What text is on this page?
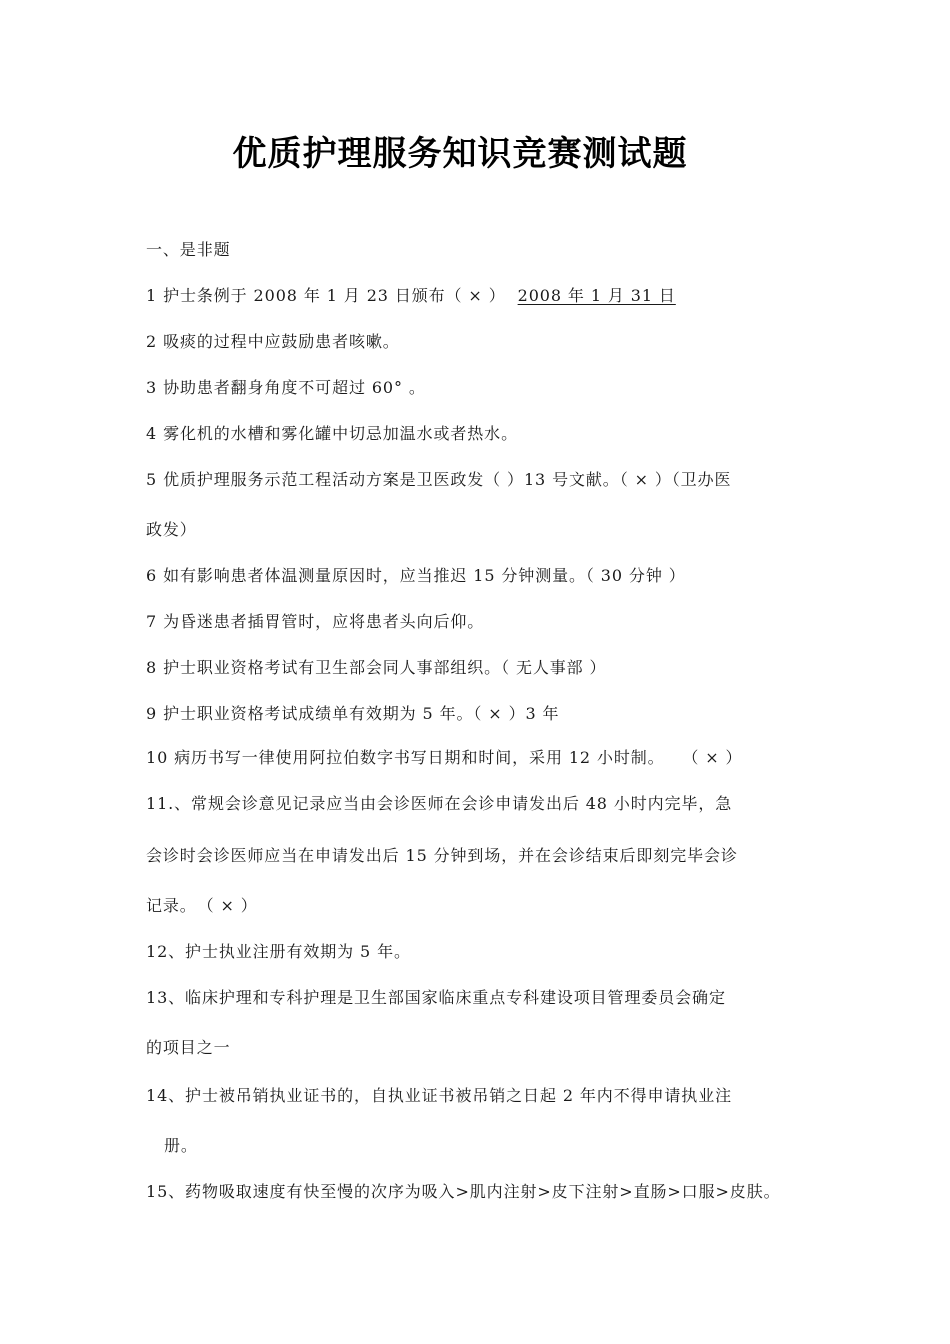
优质护理服务知识竞赛测试题
一、是非题
1 护士条例于 2008 年 1 月 23 日颁布（ × ） 2008 年 1 月 31 日
2 吸痰的过程中应鼓励患者咳嗽。
3 协助患者翻身角度不可超过 60° 。
4 雾化机的水槽和雾化罐中切忌加温水或者热水。
5 优质护理服务示范工程活动方案是卫医政发（ ）13 号文献。（ × ）（卫办医
政发）
6 如有影响患者体温测量原因时，应当推迟 15 分钟测量。（ 30 分钟 ）
7 为昏迷患者插胃管时，应将患者头向后仰。
8 护士职业资格考试有卫生部会同人事部组织。（ 无人事部 ）
9 护士职业资格考试成绩单有效期为 5 年。（ × ）3 年
10 病历书写一律使用阿拉伯数字书写日期和时间，采用 12 小时制。　　（ × ）
11.、常规会诊意见记录应当由会诊医师在会诊申请发出后 48 小时内完毕，急
会诊时会诊医师应当在申请发出后 15 分钟到场，并在会诊结束后即刻完毕会诊
记录。　（ × ）
12、护士执业注册有效期为 5 年。
13、临床护理和专科护理是卫生部国家临床重点专科建设项目管理委员会确定
的项目之一
14、护士被吊销执业证书的，自执业证书被吊销之日起 2 年内不得申请执业注
册。
15、药物吸取速度有快至慢的次序为吸入>肌内注射>皮下注射>直肠>口服>皮肤。
